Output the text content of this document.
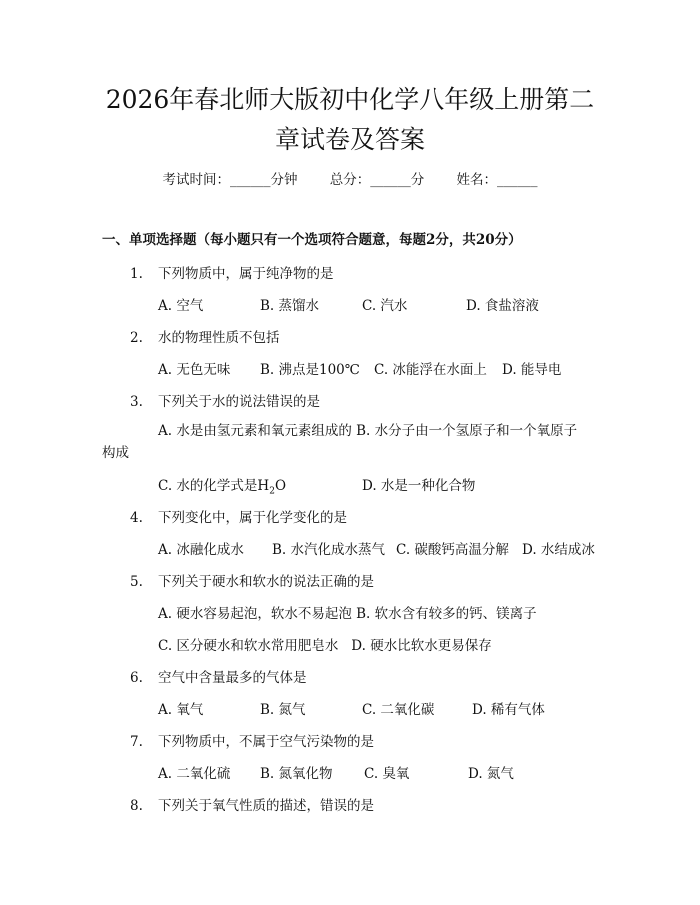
2026年春北师大版初中化学八年级上册第二
章试卷及答案
考试时间：______分钟 总分：______分 姓名：______
一、单项选择题（每小题只有一个选项符合题意，每题2分，共20分）
1. 下列物质中，属于纯净物的是
A. 空气	B. 蒸馏水	C. 汽水	D. 食盐溶液
2. 水的物理性质不包括
A. 无色无味 B. 沸点是100℃ C. 冰能浮在水面上 D. 能导电
3. 下列关于水的说法错误的是
A. 水是由氢元素和氧元素组成的 B. 水分子由一个氢原子和一个氧原子
构成
C. 水的化学式是$H_2O$	D. 水是一种化合物
4. 下列变化中，属于化学变化的是
A. 冰融化成水 B. 水汽化成水蒸气 C. 碳酸钙高温分解 D. 水结成冰
5. 下列关于硬水和软水的说法正确的是
A. 硬水容易起泡，软水不易起泡 B. 软水含有较多的钙、镁离子
C. 区分硬水和软水常用肥皂水   D. 硬水比软水更易保存
6. 空气中含量最多的气体是
A. 氧气	B. 氮气	C. 二氧化碳	D. 稀有气体
7. 下列物质中，不属于空气污染物的是
A. 二氧化硫 B. 氮氧化物 C. 臭氧	D. 氮气
8. 下列关于氧气性质的描述，错误的是
